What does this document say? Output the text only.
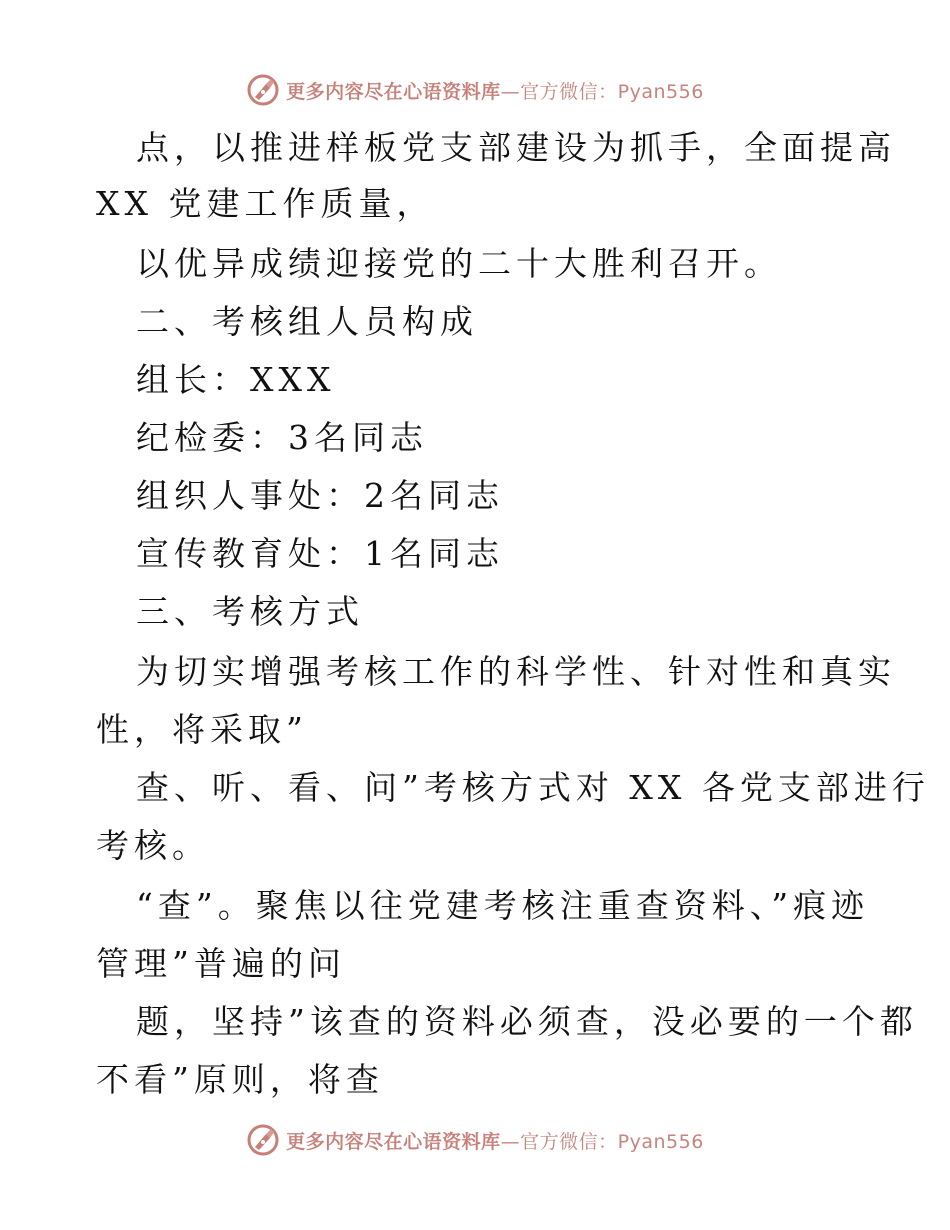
更多内容尽在心语资料库—官方微信：Pyan556
点，以推进样板党支部建设为抓手，全面提高
XX 党建工作质量，
以优异成绩迎接党的二十大胜利召开。
二、考核组人员构成
组长：XXX
纪检委：3名同志
组织人事处：2名同志
宣传教育处：1名同志
三、考核方式
为切实增强考核工作的科学性、针对性和真实
性，将采取”
查、听、看、问”考核方式对 XX 各党支部进行
考核。
“查”。聚焦以往党建考核注重查资料、”痕迹
管理”普遍的问
题，坚持”该查的资料必须查，没必要的一个都
不看”原则，将查
更多内容尽在心语资料库—官方微信：Pyan556
